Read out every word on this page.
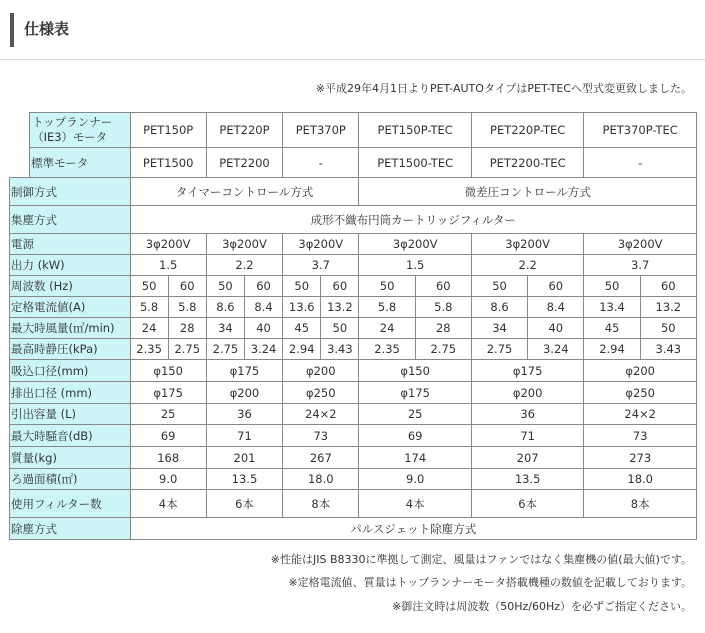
仕様表
※平成29年4月1日よりPET-AUTOタイプはPET-TECへ型式変更致しました。
	トップランナー（IE3）モータ	PET150P		PET220P		PET370P		PET150P-TEC		PET220P-TEC		PET370P-TEC	
	標準モータ	PET1500		PET2200		-		PET1500-TEC		PET2200-TEC		-	
制御方式		タイマーコントロール方式						微差圧コントロール方式					
集塵方式		成形不織布円筒カートリッジフィルター											
電源		3φ200V		3φ200V		3φ200V		3φ200V		3φ200V		3φ200V	
出力 (kW)		1.5		2.2		3.7		1.5		2.2		3.7	
周波数 (Hz)		50	60	50	60	50	60	50	60	50	60	50	60
定格電流値(A)		5.8	5.8	8.6	8.4	13.6	13.2	5.8	5.8	8.6	8.4	13.4	13.2
最大時風量(㎥/min)		24	28	34	40	45	50	24	28	34	40	45	50
最高時静圧(kPa)		2.35	2.75	2.75	3.24	2.94	3.43	2.35	2.75	2.75	3.24	2.94	3.43
吸込口径(mm)		φ150		φ175		φ200		φ150		φ175		φ200	
排出口径 (mm)		φ175		φ200		φ250		φ175		φ200		φ250	
引出容量 (L)		25		36		24×2		25		36		24×2	
最大時騒音(dB)		69		71		73		69		71		73	
質量(kg)		168		201		267		174		207		273	
ろ過面積(㎡)		9.0		13.5		18.0		9.0		13.5		18.0	
使用フィルター数		4本		6本		8本		4本		6本		8本	
除塵方式		パルスジェット除塵方式											
※性能はJIS B8330に準拠して測定、風量はファンではなく集塵機の値(最大値)です。
※定格電流値、質量はトップランナーモータ搭載機種の数値を記載しております。
※御注文時は周波数（50Hz/60Hz）を必ずご指定ください。
